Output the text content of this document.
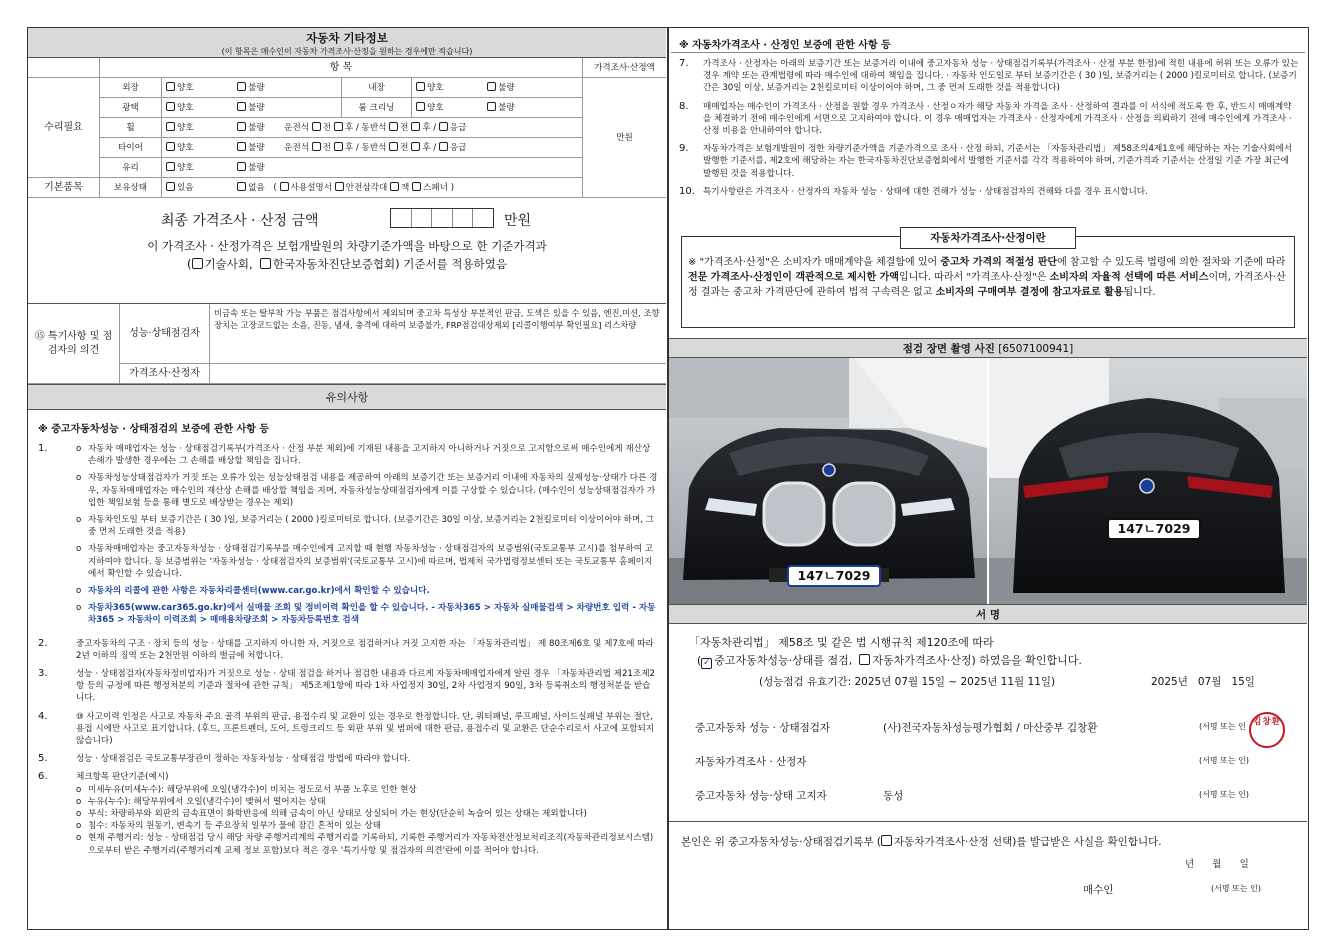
자동차 기타정보
(이 항목은 매수인이 자동차 가격조사·산정을 원하는 경우에만 적습니다)
항 목	가격조사·산정액
수리필요
기본품목
만원
외장	양호	불량	내장	양호	불량
광택	양호	불량	룸 크리닝	양호	불량
휠	양호	불량 운전석 전 후 / 동반석 전 후 / 응급
타이어	양호	불량 운전석 전 후 / 동반석 전 후 / 응급
유리	양호	불량
보유상태	있음	없음 ( 사용설명서 안전삼각대 잭 스패너 )
최종 가격조사 · 산정 금액	만원
이 가격조사 · 산정가격은 보험개발원의 차량기준가액을 바탕으로 한 기준가격과
( 기술사회, 한국자동차진단보증협회) 기준서를 적용하였음
⑮ 특기사항 및 점검자의 의견
성능·상태점검자
비금속 또는 탈부착 가능 부품은 점검사항에서 제외되며 중고차 특성상 부분적인 판금, 도색은 있을 수 있음, 엔진,미션, 조향장치는 고장코드없는 소음, 진동, 냄새, 충격에 대하여 보증불가, FRP점검대상제외 [리콜이행여부 확인필요] 리스차량
가격조사·산정자
유의사항
※ 중고자동차성능 · 상태점검의 보증에 관한 사항 등
1.	o 자동차 매매업자는 성능 · 상태점검기록부(가격조사 · 산정 부분 제외)에 기재된 내용을 고지하지 아니하거나 거짓으로 고지함으로써 매수인에게 재산상 손해가 발생한 경우에는 그 손해를 배상할 책임을 집니다.
o 자동차성능상태점검자가 거짓 또는 오류가 있는 성능상태점검 내용을 제공하여 아래의 보증기간 또는 보증거리 이내에 자동차의 실제성능·상태가 다른 경우, 자동차매매업자는 매수인의 재산상 손해를 배상할 책임을 지며, 자동차성능상태점검자에게 이를 구상할 수 있습니다. (매수인이 성능상태점검자가 가입한 책임보험 등을 통해 별도로 배상받는 경우는 제외)
o 자동차인도일 부터 보증기간은 ( 30 )일, 보증거리는 ( 2000 )킬로미터로 합니다. (보증기간은 30일 이상, 보증거리는 2천킬로미터 이상이어야 하며, 그 중 먼저 도래한 것을 적용)
o 자동차매매업자는 중고자동차성능 · 상태점검기록부를 매수인에게 고지할 때 현행 자동차성능 · 상태점검자의 보증범위(국토교통부 고시)를 첨부하여 고지하여야 합니다. 동 보증범위는 '자동차성능 · 상태점검자의 보증범위'(국토교통부 고시)에 따르며, 법제처 국가법령정보센터 또는 국토교통부 홈페이지에서 확인할 수 있습니다.
o 자동차의 리콜에 관한 사항은 자동차리콜센터(www.car.go.kr)에서 확인할 수 있습니다.
o 자동차365(www.car365.go.kr)에서 실매물 조회 및 정비이력 확인을 할 수 있습니다. - 자동차365 > 자동차 실매물검색 > 차량번호 입력 - 자동차365 > 자동차이 이력조회 > 매매용차량조회 > 자동차등록번호 검색
2.	중고자동차의 구조 · 장치 등의 성능 · 상태를 고지하지 아니한 자, 거짓으로 점검하거나 거짓 고지한 자는 「자동차관리법」 제 80조제6호 및 제7호에 따라 2년 이하의 징역 또는 2천만원 이하의 벌금에 처합니다.
3.	성능 · 상태점검자(자동차정비업자)가 거짓으로 성능 · 상태 점검을 하거나 점검한 내용과 다르게 자동차매매업자에게 알린 경우 「자동차관리법 제21조제2항 등의 규정에 따른 행정처분의 기준과 절차에 관한 규칙」 제5조제1항에 따라 1차 사업정지 30일, 2차 사업정지 90일, 3차 등록취소의 행정처분을 받습니다.
4.	⑩ 사고이력 인정은 사고로 자동차 주요 골격 부위의 판금, 용접수리 및 교환이 있는 경우로 한정합니다. 단, 쿼터패널, 루프패널, 사이드실패널 부위는 절단, 용접 시에만 사고로 표기합니다. (후드, 프론트펜더, 도어, 트렁크리드 등 외판 부위 및 범퍼에 대한 판금, 용접수리 및 교환은 단순수리로서 사고에 포함되지 않습니다)
5.	성능 · 상태점검은 국토교통부장관이 정하는 자동차성능 · 상태점검 방법에 따라야 합니다.
6.	체크항목 판단기준(예시)
o 미세누유(미세누수): 해당부위에 오일(냉각수)이 비치는 정도로서 부품 노후로 인한 현상
o 누유(누수): 해당부위에서 오일(냉각수)이 맺혀서 떨어지는 상태
o 부식: 차량하부와 외판의 금속표면이 화학반응에 의해 금속이 아닌 상태로 상실되어 가는 현상(단순히 녹슬어 있는 상태는 제외합니다)
o 침수: 자동차의 원동기, 변속기 등 주요장치 일부가 물에 잠긴 흔적이 있는 상태
o 현재 주행거리: 성능 · 상태점검 당시 해당 차량 주행거리계의 주행거리를 기록하되, 기록한 주행거리가 자동차전산정보처리조직(자동차관리정보시스템)으로부터 받은 주행거리(주행거리계 교체 정보 포함)보다 적은 경우 '특기사항 및 점검자의 의견'란에 이를 적어야 합니다.
※ 자동차가격조사 · 산정인 보증에 관한 사항 등
7.	가격조사 · 산정자는 아래의 보증기간 또는 보증거리 이내에 중고자동차 성능 · 상태점검기록부(가격조사 · 산정 부분 한정)에 적힌 내용에 허위 또는 오류가 있는 경우 계약 또는 관계법령에 따라 매수인에 대하여 책임을 집니다. · 자동차 인도일로 부터 보증기간은 ( 30 )일, 보증거리는 ( 2000 )킬로미터로 합니다. (보증기간은 30일 이상, 보증거리는 2천킬로미터 이상이어야 하며, 그 중 먼저 도래한 것을 적용합니다)
8.	매매업자는 매수인이 가격조사 · 산정을 원할 경우 가격조사 · 산정ㅇ자가 해당 자동차 가격을 조사 · 산정하여 결과를 이 서식에 적도록 한 후, 반드시 매매계약을 체결하기 전에 매수인에게 서면으로 고지하여야 합니다. 이 경우 매매업자는 가격조사 · 산정자에게 가격조사 · 산정을 의뢰하기 전에 매수인에게 가격조사 · 산정 비용을 안내하여야 합니다.
9.	자동차가격은 보험개발원이 정한 차량기준가액을 기준가격으로 조사 · 산정 하되, 기준서는 「자동차관리법」 제58조의4제1호에 해당하는 자는 기술사회에서 발행한 기준서를, 제2호에 해당하는 자는 한국자동차진단보증협회에서 발행한 기준서를 각각 적용하여야 하며, 기준가격과 기준서는 산정일 기준 가장 최근에 발행된 것을 적용합니다.
10. 특기사항란은 가격조사 · 산정자의 자동차 성능 · 상태에 대한 견해가 성능 · 상태점검자의 견해와 다를 경우 표시합니다.
자동차가격조사·산정이란
※ "가격조사·산정"은 소비자가 매매계약을 체결함에 있어 중고차 가격의 적절성 판단에 참고할 수 있도록 법령에 의한 절차와 기준에 따라 전문 가격조사·산정인이 객관적으로 제시한 가액입니다. 따라서 "가격조사·산정"은 소비자의 자율적 선택에 따른 서비스이며, 가격조사·산정 결과는 중고차 가격판단에 관하여 법적 구속력은 없고 소비자의 구매여부 결정에 참고자료로 활용됩니다.
점검 장면 촬영 사진 [6507100941]
147ㄴ7029
147ㄴ7029
서 명
「자동차관리법」 제58조 및 같은 법 시행규칙 제120조에 따라
(✓ 중고자동차성능·상태를 점검, 자동차가격조사·산정) 하였음을 확인합니다.
(성능점검 유효기간: 2025년 07월 15일 ~ 2025년 11월 11일)	2025년   07월   15일
중고자동차 성능 · 상태점검자	(사)전국자동차성능평가협회 / 마산중부 김창환	(서명 또는 인 김창환
자동차가격조사 · 산정자	(서명 또는 인)
중고자동차 성능·상태 고지자	동성	(서명 또는 인)
본인은 위 중고자동차성능·상태점검기록부 ( 자동차가격조사·산정 선택)를 발급받은 사실을 확인합니다.
년      월      일
매수인	(서명 또는 인)
